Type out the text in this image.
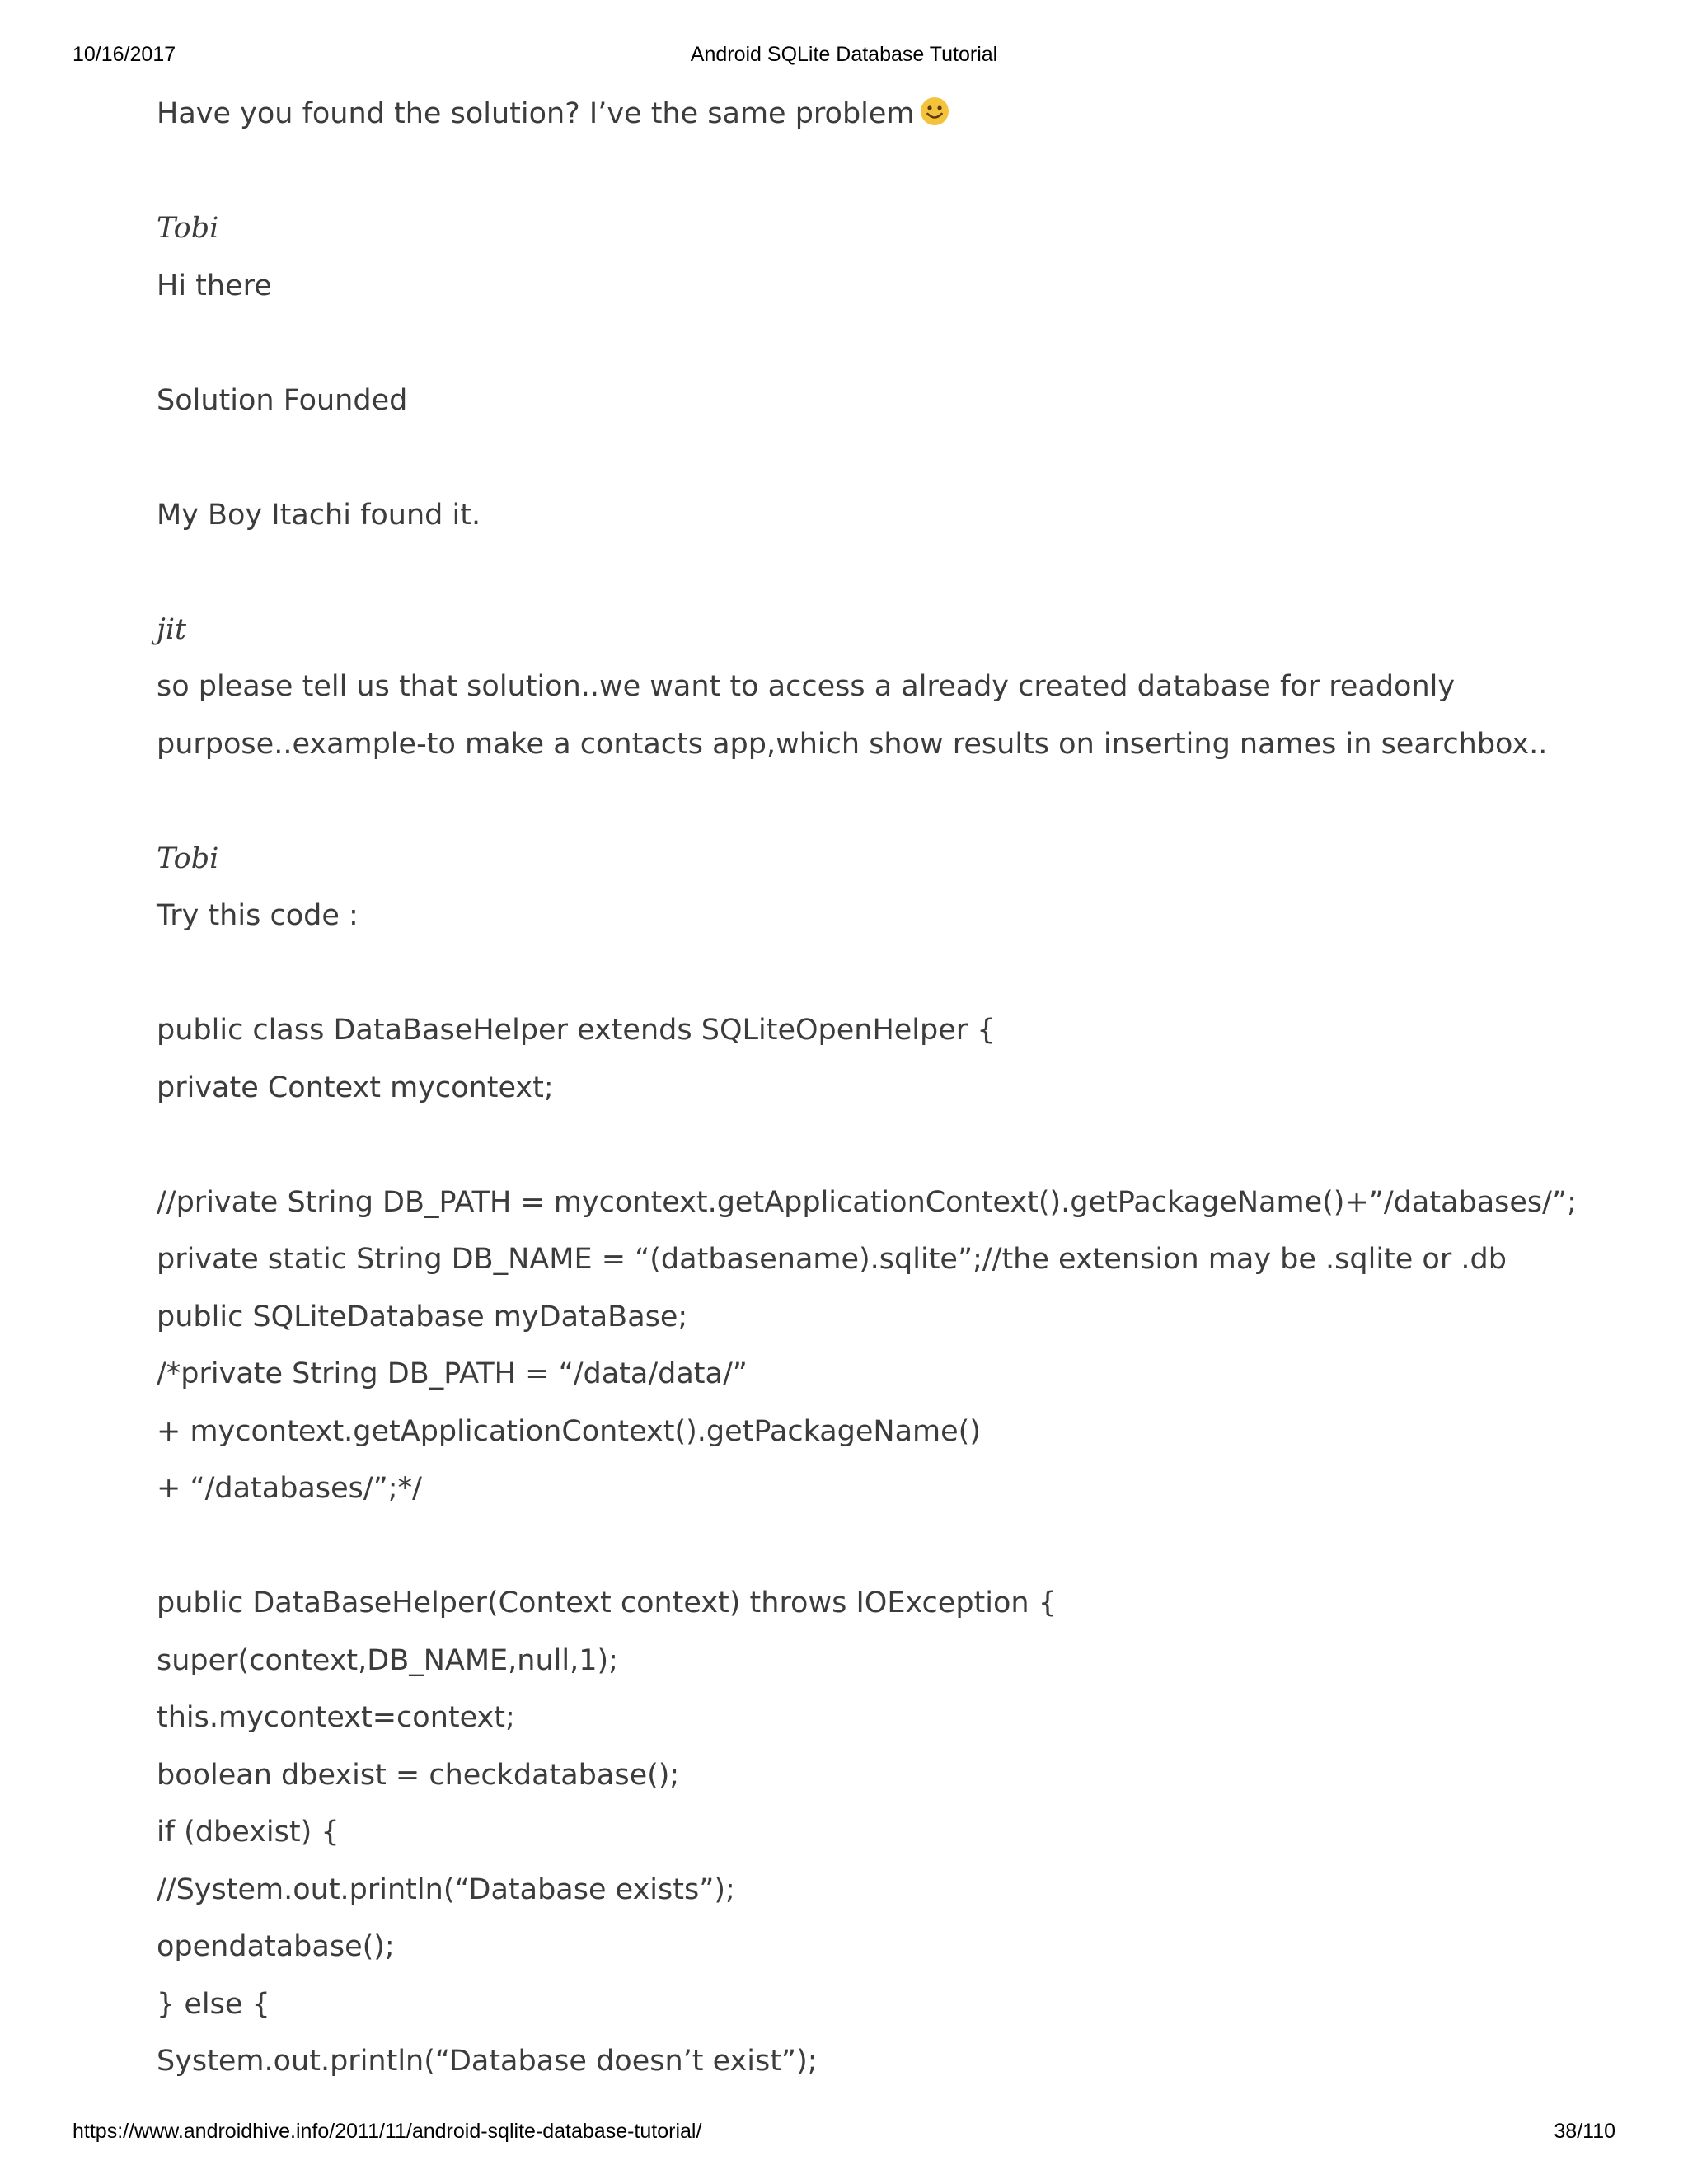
10/16/2017	Android SQLite Database Tutorial
Have you found the solution? I’ve the same problem
Tobi
Hi there
Solution Founded
My Boy Itachi found it.
jit
so please tell us that solution..we want to access a already created database for readonly
purpose..example-to make a contacts app,which show results on inserting names in searchbox..
Tobi
Try this code :
public class DataBaseHelper extends SQLiteOpenHelper {
private Context mycontext;
//private String DB_PATH = mycontext.getApplicationContext().getPackageName()+”/databases/”;
private static String DB_NAME = “(datbasename).sqlite”;//the extension may be .sqlite or .db
public SQLiteDatabase myDataBase;
/*private String DB_PATH = “/data/data/”
+ mycontext.getApplicationContext().getPackageName()
+ “/databases/”;*/
public DataBaseHelper(Context context) throws IOException {
super(context,DB_NAME,null,1);
this.mycontext=context;
boolean dbexist = checkdatabase();
if (dbexist) {
//System.out.println(“Database exists”);
opendatabase();
} else {
System.out.println(“Database doesn’t exist”);
https://www.androidhive.info/2011/11/android-sqlite-database-tutorial/	38/110
